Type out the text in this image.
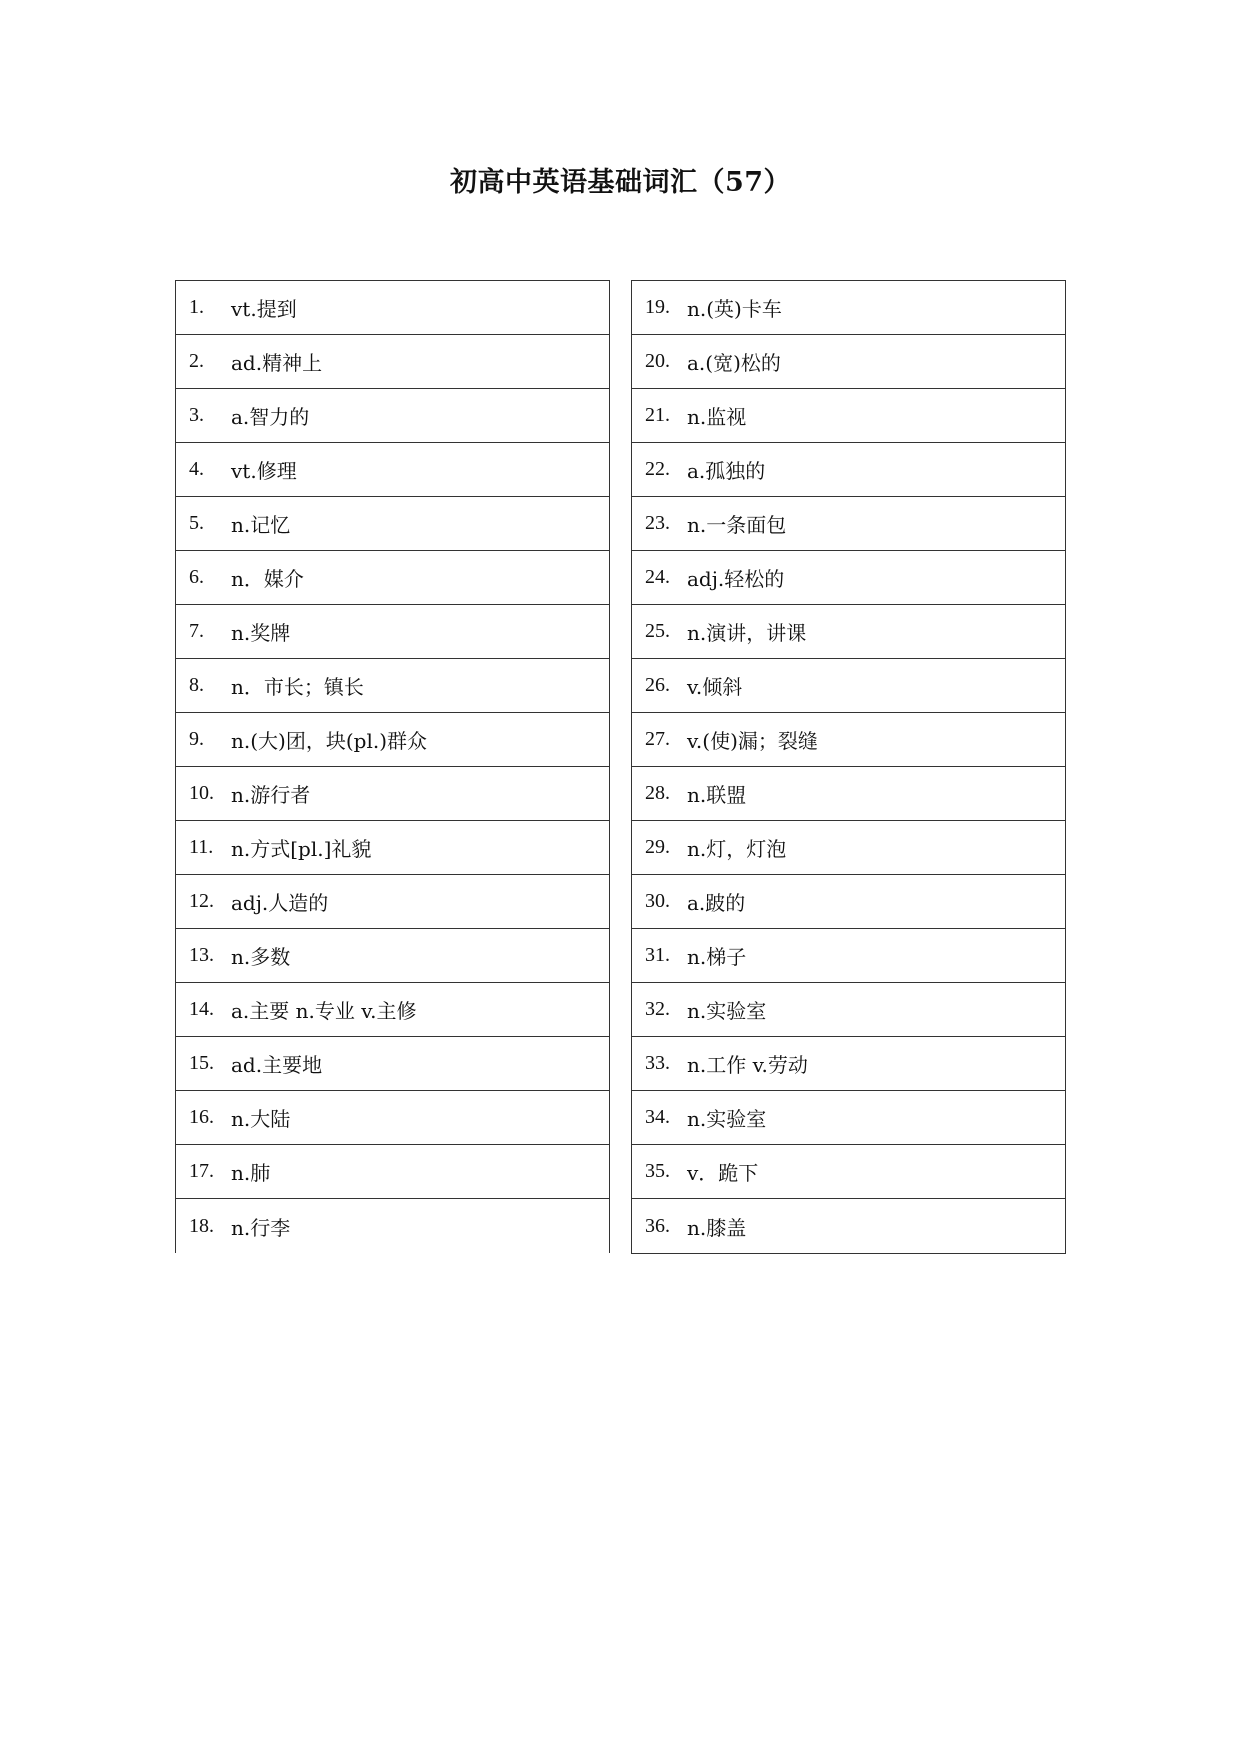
初高中英语基础词汇（57）
1.	vt.提到
2.	ad.精神上
3.	a.智力的
4.	vt.修理
5.	n.记忆
6.	n．媒介
7.	n.奖牌
8.	n．市长；镇长
9.	n.(大)团，块(pl.)群众
10. n.游行者
11. n.方式[pl.]礼貌
12. adj.人造的
13. n.多数
14. a.主要 n.专业 v.主修
15. ad.主要地
16. n.大陆
17. n.肺
18. n.行李
19. n.(英)卡车
20. a.(宽)松的
21. n.监视
22. a.孤独的
23. n.一条面包
24. adj.轻松的
25. n.演讲，讲课
26. v.倾斜
27. v.(使)漏；裂缝
28. n.联盟
29. n.灯，灯泡
30. a.跛的
31. n.梯子
32. n.实验室
33. n.工作 v.劳动
34. n.实验室
35. v．跪下
36. n.膝盖
